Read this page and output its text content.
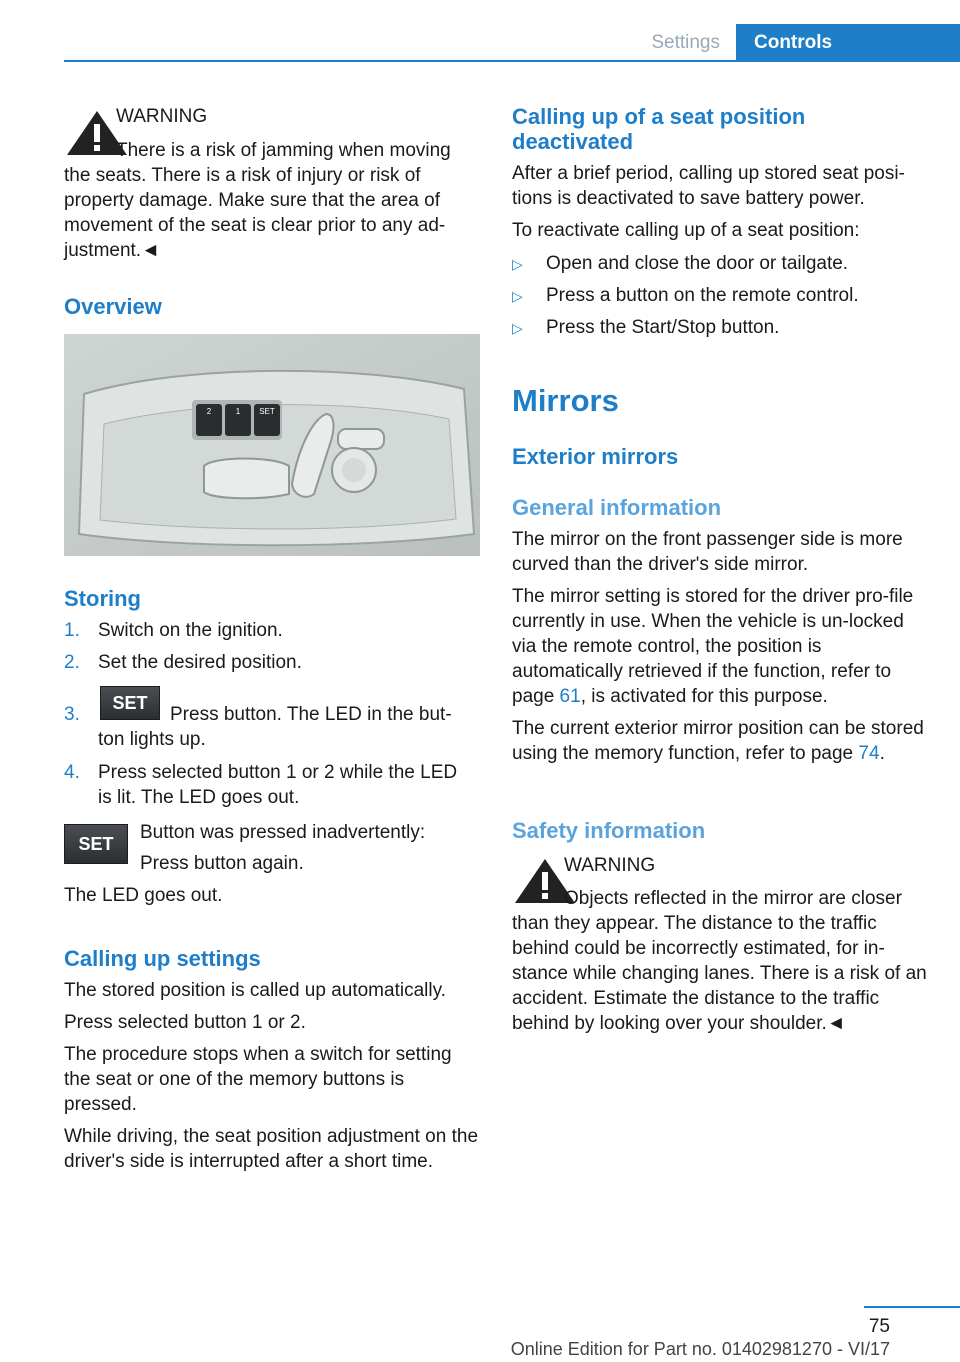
Settings	Controls
WARNING
There is a risk of jamming when moving
the seats. There is a risk of injury or risk of property damage. Make sure that the area of movement of the seat is clear prior to any ad‐justment.◄
Overview
2	1 SET
Storing
1. Switch on the ignition.
2. Set the desired position.
3.
SET
Press button. The LED in the but‐ton lights up.
4. Press selected button 1 or 2 while the LED is lit. The LED goes out.
SET
Button was pressed inadvertently:
Press button again.
The LED goes out.
Calling up settings
The stored position is called up automatically.
Press selected button 1 or 2.
The procedure stops when a switch for setting the seat or one of the memory buttons is pressed.
While driving, the seat position adjustment on the driver's side is interrupted after a short time.
Calling up of a seat position deactivated
After a brief period, calling up stored seat posi‐tions is deactivated to save battery power.
To reactivate calling up of a seat position:
▷ Open and close the door or tailgate.
▷ Press a button on the remote control.
▷ Press the Start/Stop button.
Mirrors
Exterior mirrors
General information
The mirror on the front passenger side is more curved than the driver's side mirror.
The mirror setting is stored for the driver pro‐file currently in use. When the vehicle is un‐locked via the remote control, the position is automatically retrieved if the function, refer to page 61, is activated for this purpose.
The current exterior mirror position can be stored using the memory function, refer to page 74.
Safety information
WARNING
Objects reflected in the mirror are closer
than they appear. The distance to the traffic behind could be incorrectly estimated, for in‐stance while changing lanes. There is a risk of an accident. Estimate the distance to the traffic behind by looking over your shoulder.◄
75
Online Edition for Part no. 01402981270 - VI/17
